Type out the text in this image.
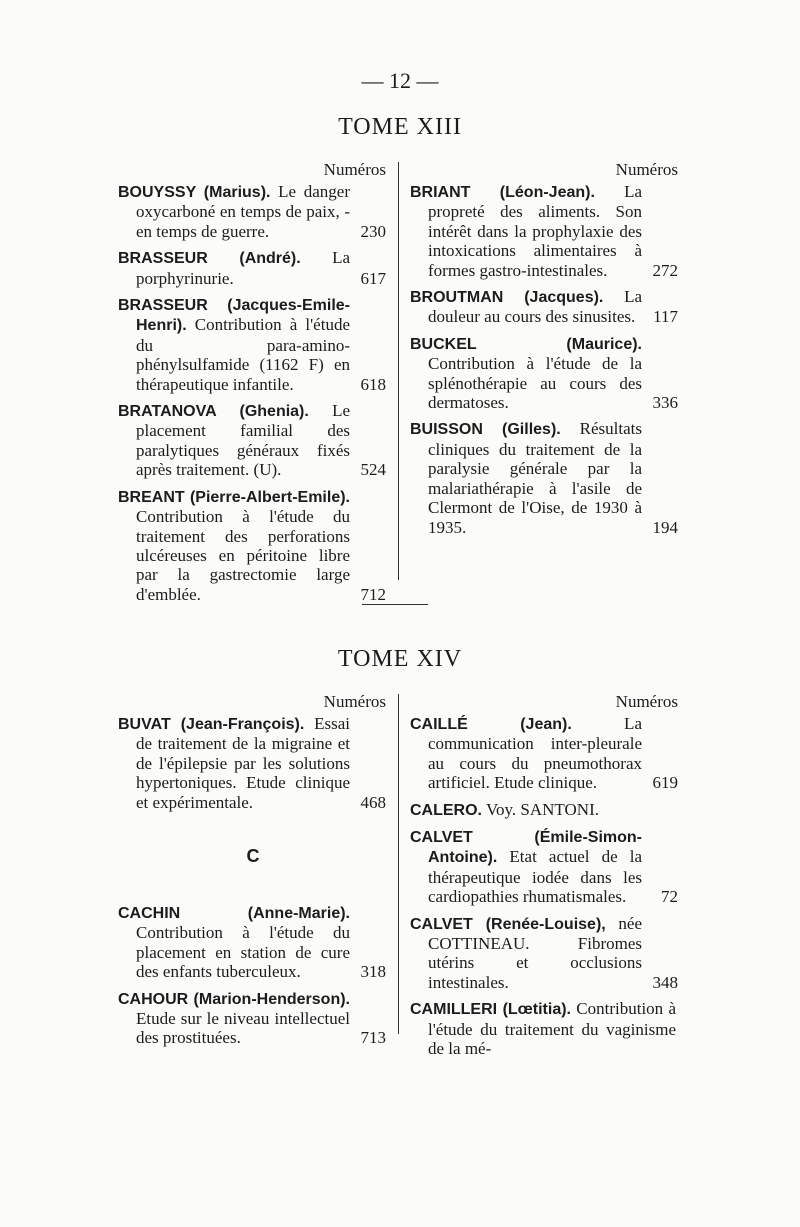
— 12 —
TOME XIII
Numéros
BOUYSSY (Marius). Le danger oxycarboné en temps de paix, - en temps de guerre.	230
BRASSEUR (André). La porphyrinurie.	617
BRASSEUR (Jacques-Emile-Henri). Contribution à l'étude du para-amino-phénylsulfamide (1162 F) en thérapeutique infantile.	618
BRATANOVA (Ghenia). Le placement familial des paralytiques généraux fixés après traitement. (U).	524
BREANT (Pierre-Albert-Emile). Contribution à l'étude du traitement des perforations ulcéreuses en péritoine libre par la gastrectomie large d'emblée.	712
Numéros
BRIANT (Léon-Jean). La propreté des aliments. Son intérêt dans la prophylaxie des intoxications alimentaires à formes gastro-intestinales.	272
BROUTMAN (Jacques). La douleur au cours des sinusites.	117
BUCKEL (Maurice). Contribution à l'étude de la splénothérapie au cours des dermatoses.	336
BUISSON (Gilles). Résultats cliniques du traitement de la paralysie générale par la malariathérapie à l'asile de Clermont de l'Oise, de 1930 à 1935.	194
TOME XIV
Numéros
BUVAT (Jean-François). Essai de traitement de la migraine et de l'épilepsie par les solutions hypertoniques. Etude clinique et expérimentale.	468
C
CACHIN (Anne-Marie). Contribution à l'étude du placement en station de cure des enfants tuberculeux.	318
CAHOUR (Marion-Henderson). Etude sur le niveau intellectuel des prostituées.	713
Numéros
CAILLÉ (Jean). La communication inter-pleurale au cours du pneumothorax artificiel. Etude clinique.	619
CALERO. Voy. SANTONI.
CALVET (Émile-Simon-Antoine). Etat actuel de la thérapeutique iodée dans les cardiopathies rhumatismales.	72
CALVET (Renée-Louise), née COTTINEAU. Fibromes utérins et occlusions intestinales.	348
CAMILLERI (Lœtitia). Contribution à l'étude du traitement du vaginisme de la mé-
